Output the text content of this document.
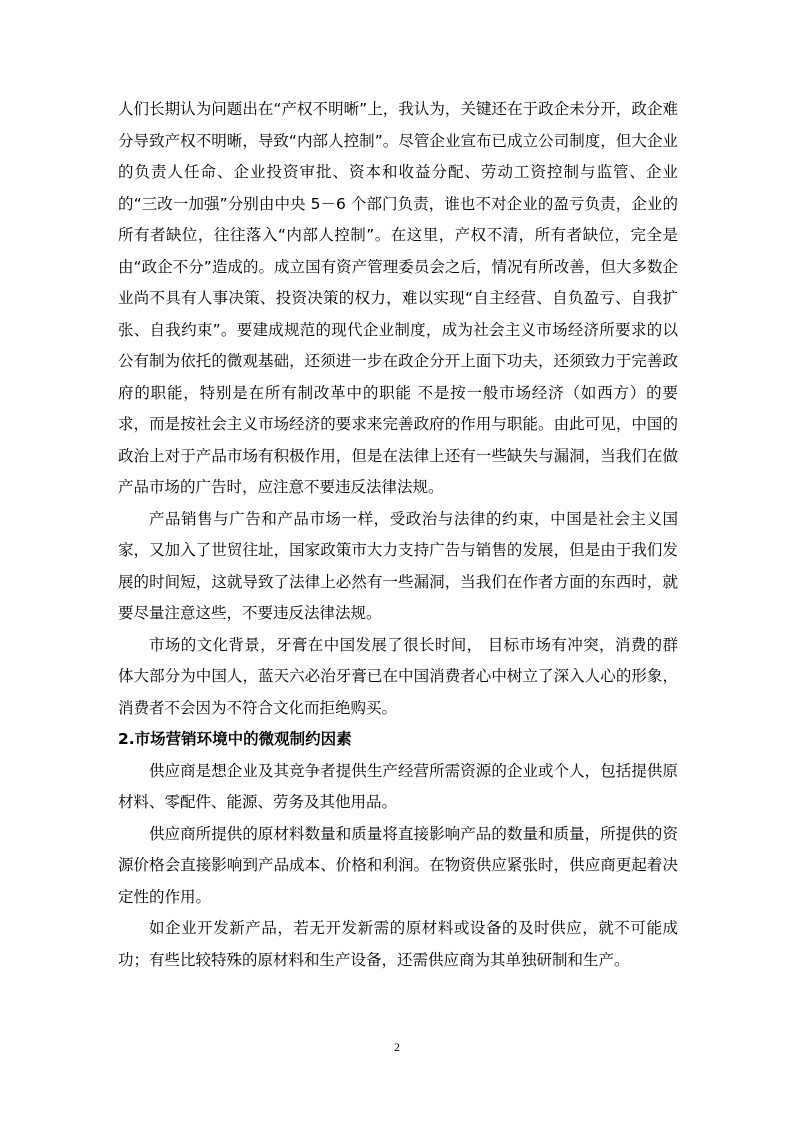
人们长期认为问题出在“产权不明晰”上，我认为，关键还在于政企未分开，政企难分导致产权不明晰，导致“内部人控制”。尽管企业宣布已成立公司制度，但大企业的负责人任命、企业投资审批、资本和收益分配、劳动工资控制与监管、企业的“三改一加强”分别由中央 5－6 个部门负责，谁也不对企业的盈亏负责，企业的所有者缺位，往往落入“内部人控制”。在这里，产权不清，所有者缺位，完全是由“政企不分”造成的。成立国有资产管理委员会之后，情况有所改善，但大多数企业尚不具有人事决策、投资决策的权力，难以实现“自主经营、自负盈亏、自我扩张、自我约束”。要建成规范的现代企业制度，成为社会主义市场经济所要求的以公有制为依托的微观基础，还须进一步在政企分开上面下功夫，还须致力于完善政府的职能，特别是在所有制改革中的职能 不是按一般市场经济（如西方）的要求，而是按社会主义市场经济的要求来完善政府的作用与职能。由此可见，中国的政治上对于产品市场有积极作用，但是在法律上还有一些缺失与漏洞，当我们在做产品市场的广告时，应注意不要违反法律法规。

产品销售与广告和产品市场一样，受政治与法律的约束，中国是社会主义国家，又加入了世贸往址，国家政策市大力支持广告与销售的发展，但是由于我们发展的时间短，这就导致了法律上必然有一些漏洞，当我们在作者方面的东西时，就要尽量注意这些，不要违反法律法规。

市场的文化背景，牙膏在中国发展了很长时间， 目标市场有冲突，消费的群体大部分为中国人，蓝天六必治牙膏已在中国消费者心中树立了深入人心的形象，消费者不会因为不符合文化而拒绝购买。

2.市场营销环境中的微观制约因素

供应商是想企业及其竞争者提供生产经营所需资源的企业或个人，包括提供原材料、零配件、能源、劳务及其他用品。

供应商所提供的原材料数量和质量将直接影响产品的数量和质量，所提供的资源价格会直接影响到产品成本、价格和利润。在物资供应紧张时，供应商更起着决定性的作用。

如企业开发新产品，若无开发新需的原材料或设备的及时供应，就不可能成功；有些比较特殊的原材料和生产设备，还需供应商为其单独研制和生产。

2
